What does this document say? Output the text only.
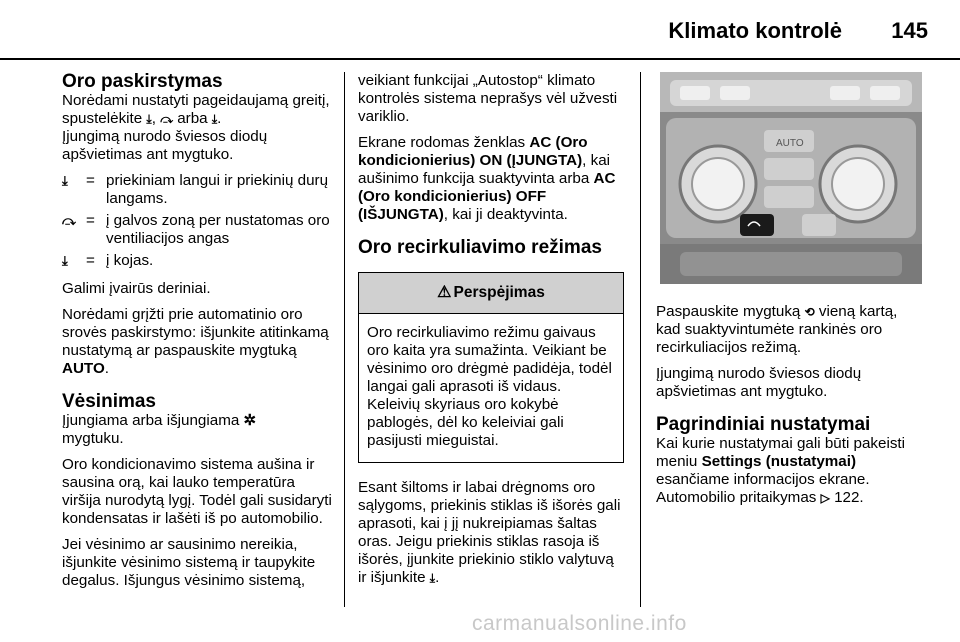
Klimato kontrolė 145
Oro paskirstymas

Norėdami nustatyti pageidaujamą greitį, spustelėkite ⤓, ⤼ arba ⤓.
Įjungimą nurodo šviesos diodų apšvietimas ant mygtuko.

⤓	= priekiniam langui ir priekinių durų langams.
⤼ = į galvos zoną per nustatomas oro ventiliacijos angas
⤓	= į kojas.

Galimi įvairūs deriniai.

Norėdami grįžti prie automatinio oro srovės paskirstymo: išjunkite atitinkamą nustatymą ar paspauskite mygtuką AUTO.

Vėsinimas

Įjungiama arba išjungiama ✲
mygtuku.

Oro kondicionavimo sistema aušina ir sausina orą, kai lauko temperatūra viršija nurodytą lygį. Todėl gali susidaryti kondensatas ir lašėti iš po automobilio.

Jei vėsinimo ar sausinimo nereikia, išjunkite vėsinimo sistemą ir taupykite degalus. Išjungus vėsinimo sistemą,

veikiant funkcijai „Autostop“ klimato kontrolės sistema neprašys vėl užvesti variklio.

Ekrane rodomas ženklas AC (Oro kondicionierius) ON (ĮJUNGTA), kai aušinimo funkcija suaktyvinta arba AC (Oro kondicionierius) OFF (IŠJUNGTA), kai ji deaktyvinta.

Oro recirkuliavimo režimas
⚠ Perspėjimas
Oro recirkuliavimo režimu gaivaus oro kaita yra sumažinta. Veikiant be vėsinimo oro drėgmė padidėja, todėl langai gali aprasoti iš vidaus. Keleivių skyriaus oro kokybė pablogės, dėl ko keleiviai gali pasijusti mieguistai.

Esant šiltoms ir labai drėgnoms oro sąlygoms, priekinis stiklas iš išorės gali aprasoti, kai į jį nukreipiamas šaltas oras. Jeigu priekinis stiklas rasoja iš išorės, įjunkite priekinio stiklo valytuvą ir išjunkite ⤓.

AUTO

Paspauskite mygtuką ⟲ vieną kartą, kad suaktyvintumėte rankinės oro recirkuliacijos režimą.

Įjungimą nurodo šviesos diodų apšvietimas ant mygtuko.

Pagrindiniai nustatymai

Kai kurie nustatymai gali būti pakeisti meniu Settings (nustatymai) esančiame informacijos ekrane. Automobilio pritaikymas ▷ 122.

carmanualsonline.info
